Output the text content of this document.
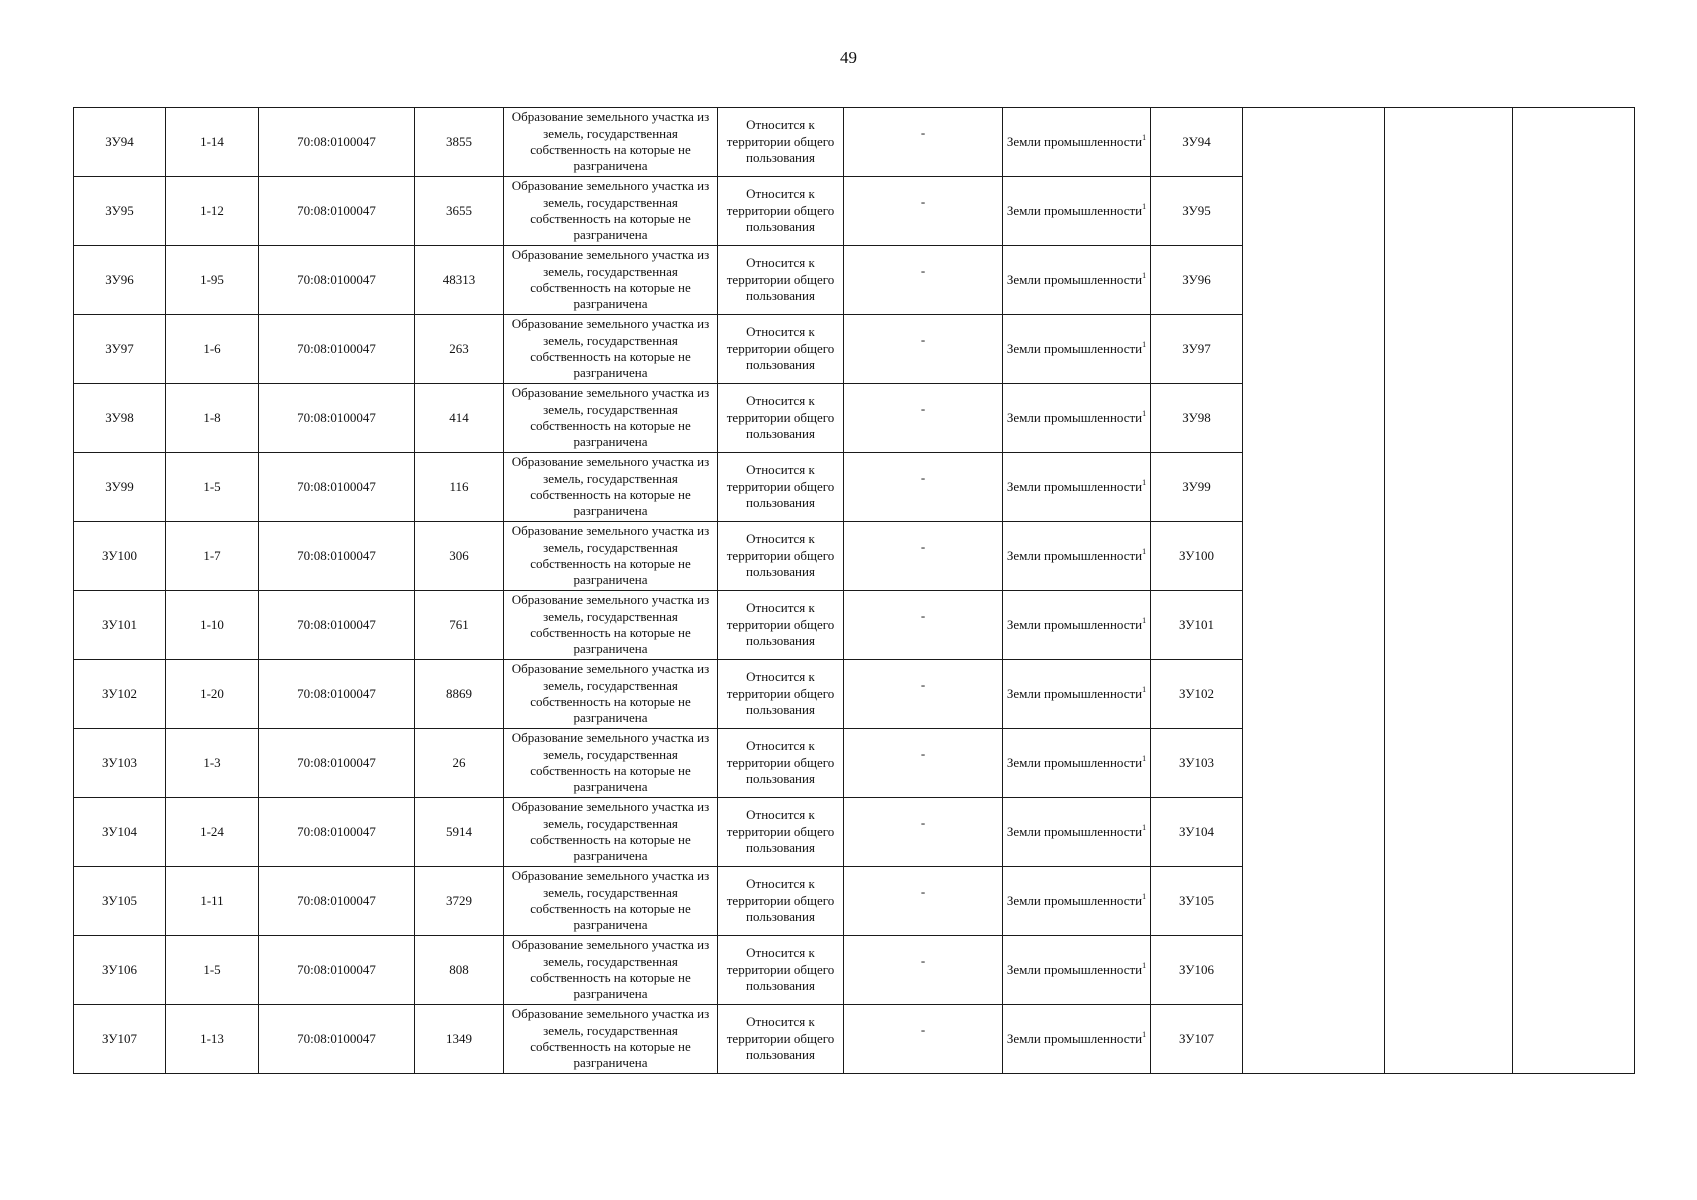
49
ЗУ94	1-14	70:08:0100047	3855	Образование земельного участка из земель, государственная собственность на которые не разграничена	Относится к территории общего пользования	-	Земли промышленности$^1$	ЗУ94			

ЗУ95	1-12	70:08:0100047	3655	Образование земельного участка из земель, государственная собственность на которые не разграничена	Относится к территории общего пользования	-	Земли промышленности$^1$	ЗУ95			

ЗУ96	1-95	70:08:0100047	48313	Образование земельного участка из земель, государственная собственность на которые не разграничена	Относится к территории общего пользования	-	Земли промышленности$^1$	ЗУ96			

ЗУ97	1-6	70:08:0100047	263	Образование земельного участка из земель, государственная собственность на которые не разграничена	Относится к территории общего пользования	-	Земли промышленности$^1$	ЗУ97			

ЗУ98	1-8	70:08:0100047	414	Образование земельного участка из земель, государственная собственность на которые не разграничена	Относится к территории общего пользования	-	Земли промышленности$^1$	ЗУ98			

ЗУ99	1-5	70:08:0100047	116	Образование земельного участка из земель, государственная собственность на которые не разграничена	Относится к территории общего пользования	-	Земли промышленности$^1$	ЗУ99			

ЗУ100	1-7	70:08:0100047	306	Образование земельного участка из земель, государственная собственность на которые не разграничена	Относится к территории общего пользования	-	Земли промышленности$^1$	ЗУ100			

ЗУ101	1-10	70:08:0100047	761	Образование земельного участка из земель, государственная собственность на которые не разграничена	Относится к территории общего пользования	-	Земли промышленности$^1$	ЗУ101			

ЗУ102	1-20	70:08:0100047	8869	Образование земельного участка из земель, государственная собственность на которые не разграничена	Относится к территории общего пользования	-	Земли промышленности$^1$	ЗУ102			

ЗУ103	1-3	70:08:0100047	26	Образование земельного участка из земель, государственная собственность на которые не разграничена	Относится к территории общего пользования	-	Земли промышленности$^1$	ЗУ103			

ЗУ104	1-24	70:08:0100047	5914	Образование земельного участка из земель, государственная собственность на которые не разграничена	Относится к территории общего пользования	-	Земли промышленности$^1$	ЗУ104			

ЗУ105	1-11	70:08:0100047	3729	Образование земельного участка из земель, государственная собственность на которые не разграничена	Относится к территории общего пользования	-	Земли промышленности$^1$	ЗУ105			

ЗУ106	1-5	70:08:0100047	808	Образование земельного участка из земель, государственная собственность на которые не разграничена	Относится к территории общего пользования	-	Земли промышленности$^1$	ЗУ106			

ЗУ107	1-13	70:08:0100047	1349	Образование земельного участка из земель, государственная собственность на которые не разграничена	Относится к территории общего пользования	-	Земли промышленности$^1$	ЗУ107			
